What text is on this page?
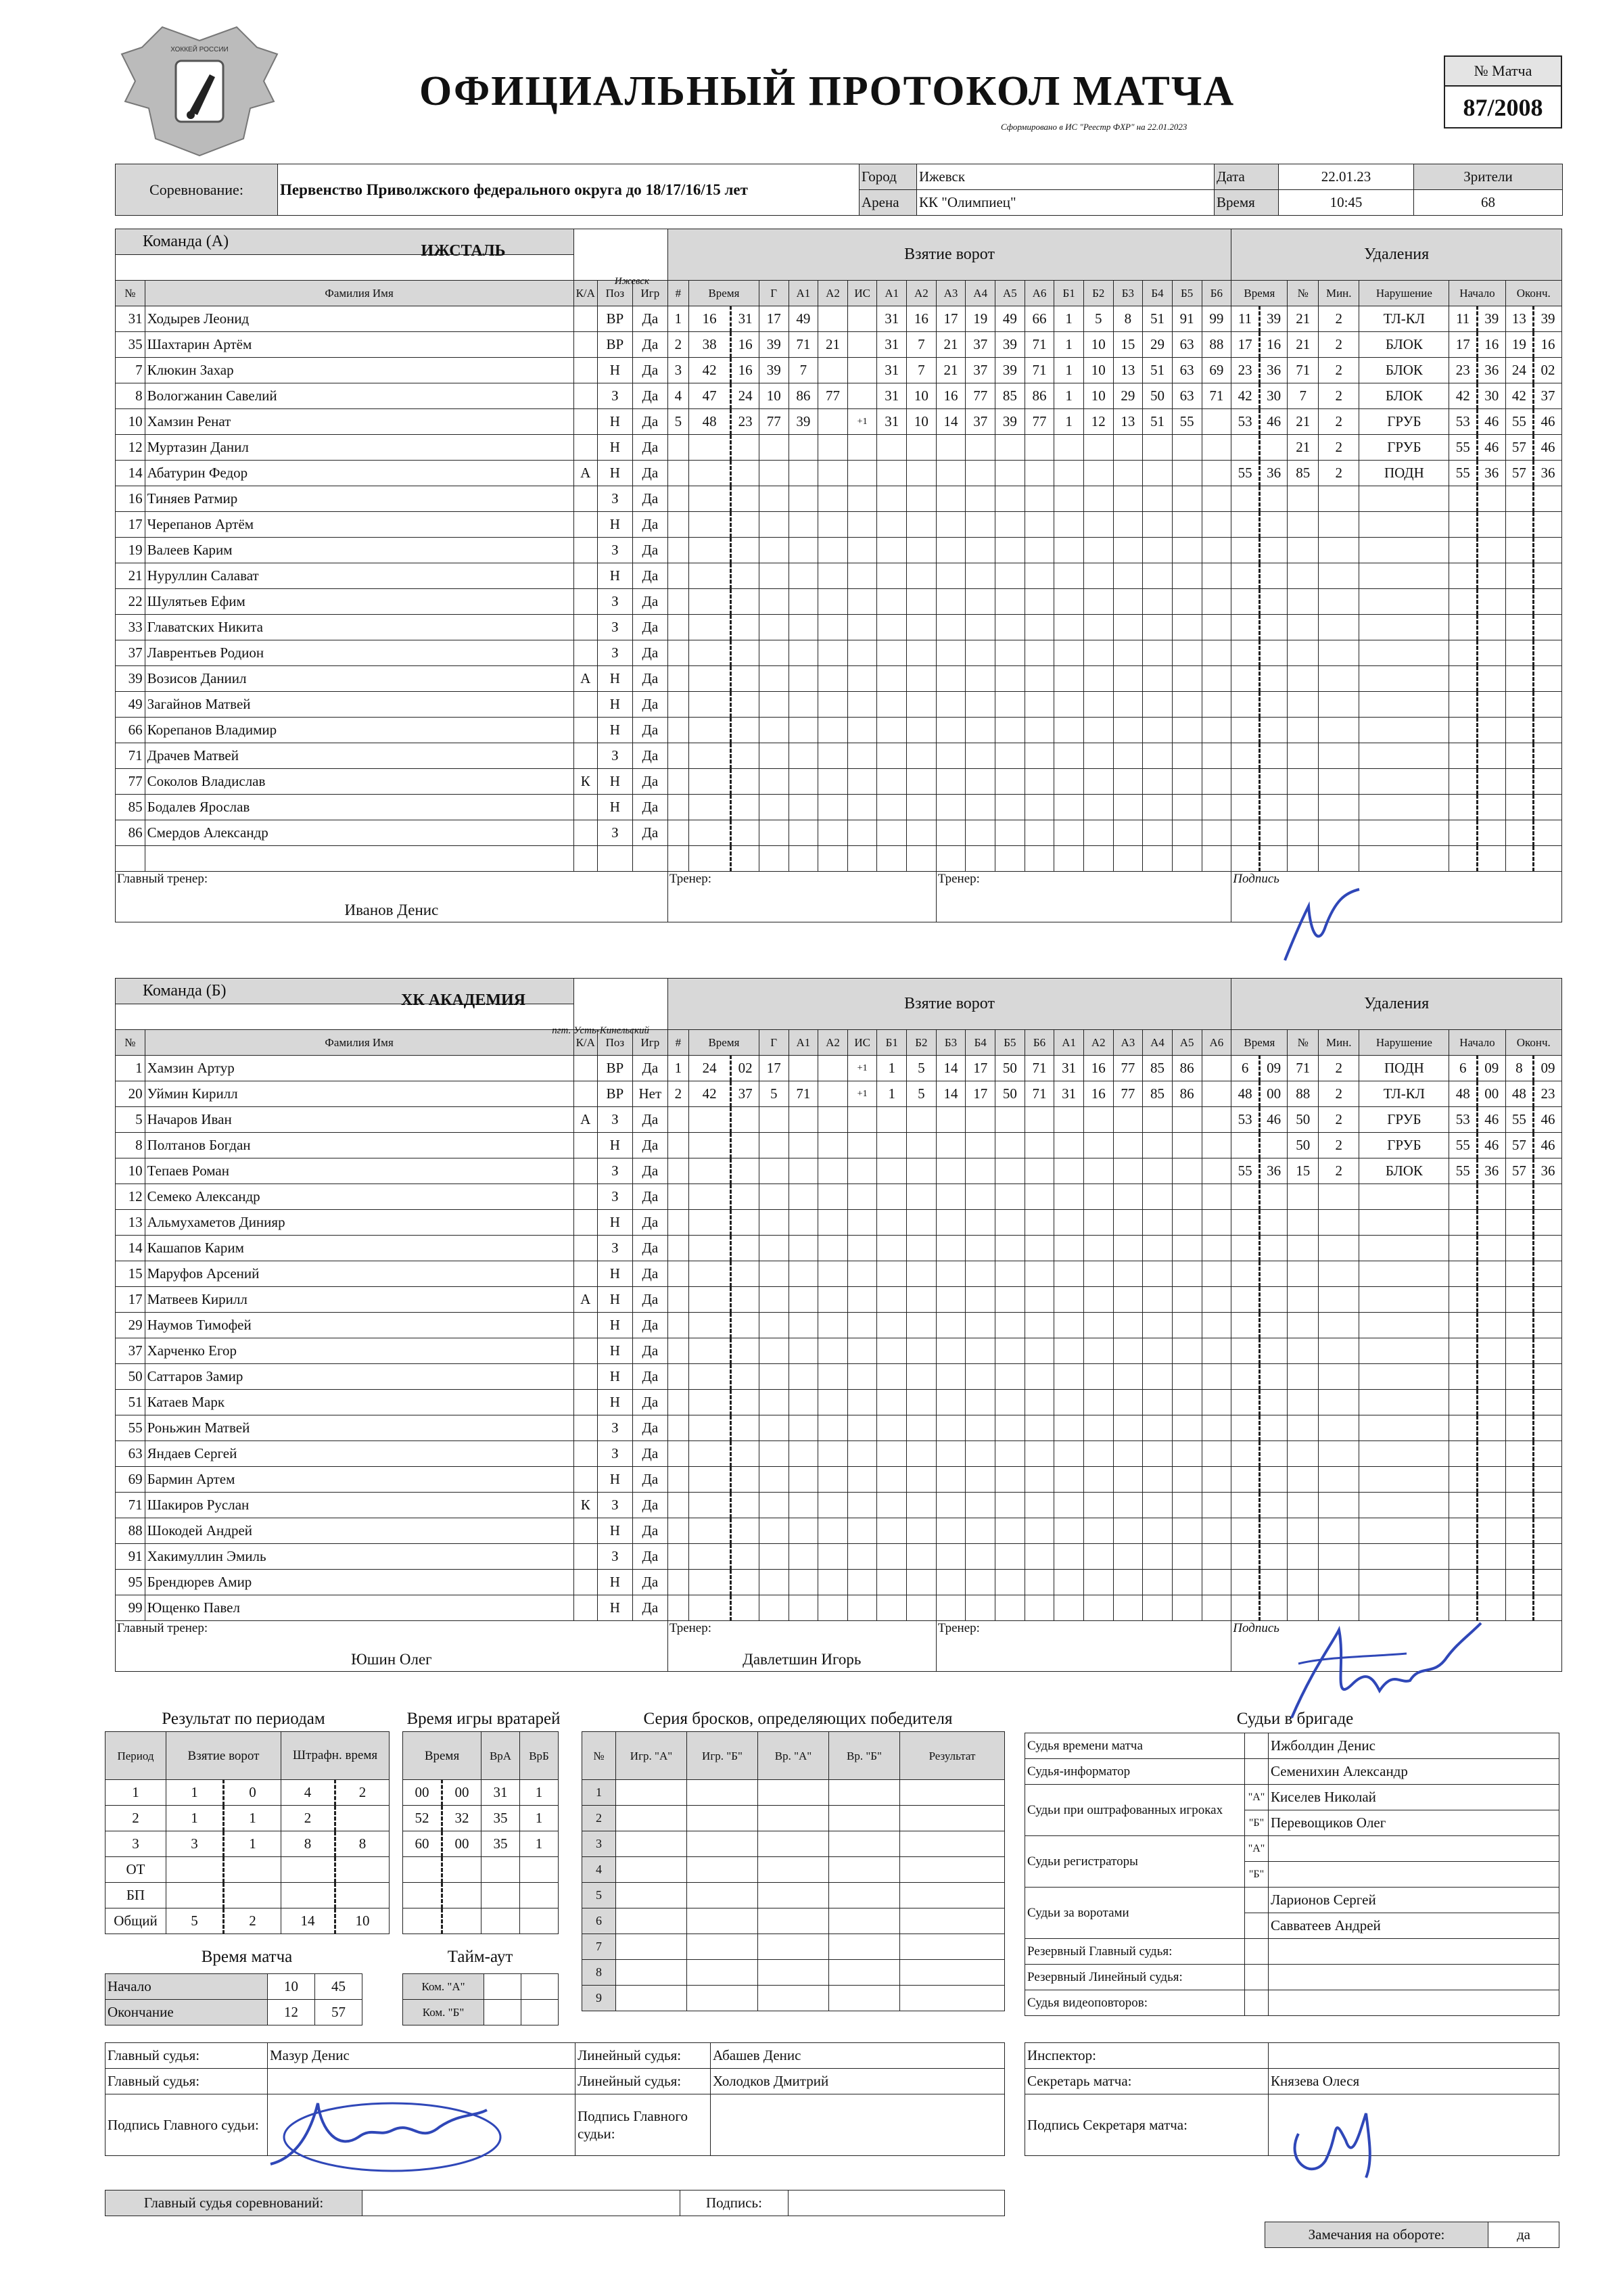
ХОККЕЙ РОССИИ
ОФИЦИАЛЬНЫЙ ПРОТОКОЛ МАТЧА
Сформировано в ИС "Реестр ФХР" на 22.01.2023
№ Матча
87/2008
Соревнование:	Первенство Приволжского федерального округа до 18/17/16/15 лет	Город	Ижевск	Дата	22.01.23	Зрители
		Арена	КК "Олимпиец"	Время	10:45	68
Команда (А)					Взятие ворот																			Удаления								

№	Фамилия Имя	К/А	Поз	Игр	#	Время		Г	А1	А2	ИС	А1	А2	А3	А4	А5	А6	Б1	Б2	Б3	Б4	Б5	Б6	Время		№	Мин.	Нарушение	Начало		Оконч.	
31	Ходырев Леонид		ВР	Да	1	16	31	17	49			31	16	17	19	49	66	1	5	8	51	91	99	11	39	21	2	ТЛ-КЛ	11	39	13	39
35	Шахтарин Артём		ВР	Да	2	38	16	39	71	21		31	7	21	37	39	71	1	10	15	29	63	88	17	16	21	2	БЛОК	17	16	19	16
7	Клюкин Захар		Н	Да	3	42	16	39	7			31	7	21	37	39	71	1	10	13	51	63	69	23	36	71	2	БЛОК	23	36	24	02
8	Вологжанин Савелий		З	Да	4	47	24	10	86	77		31	10	16	77	85	86	1	10	29	50	63	71	42	30	7	2	БЛОК	42	30	42	37
10	Хамзин Ренат		Н	Да	5	48	23	77	39		+1	31	10	14	37	39	77	1	12	13	51	55		53	46	21	2	ГРУБ	53	46	55	46
12	Муртазин Данил		Н	Да																						21	2	ГРУБ	55	46	57	46
14	Абатурин Федор	А	Н	Да																				55	36	85	2	ПОДН	55	36	57	36
16	Тиняев Ратмир		З	Да																												
17	Черепанов Артём		Н	Да																												
19	Валеев Карим		З	Да																												
21	Нуруллин Салават		Н	Да																												
22	Шулятьев Ефим		З	Да																												
33	Главатских Никита		З	Да																												
37	Лаврентьев Родион		З	Да																												
39	Возисов Даниил	А	Н	Да																												
49	Загайнов Матвей		Н	Да																												
66	Корепанов Владимир		Н	Да																												
71	Драчев Матвей		З	Да																												
77	Соколов Владислав	К	Н	Да																												
85	Бодалев Ярослав		Н	Да																												
86	Смердов Александр		З	Да																												

Главный тренер:
Иванов Денис					Тренер:									Тренер:										Подпись								
ИЖСТАЛЬ
Ижевск
Команда (Б)					Взятие ворот																			Удаления								

№	Фамилия Имя	К/А	Поз	Игр	#	Время		Г	А1	А2	ИС	Б1	Б2	Б3	Б4	Б5	Б6	А1	А2	А3	А4	А5	А6	Время		№	Мин.	Нарушение	Начало		Оконч.	
1	Хамзин Артур		ВР	Да	1	24	02	17			+1	1	5	14	17	50	71	31	16	77	85	86		6	09	71	2	ПОДН	6	09	8	09
20	Уймин Кирилл		ВР	Нет	2	42	37	5	71		+1	1	5	14	17	50	71	31	16	77	85	86		48	00	88	2	ТЛ-КЛ	48	00	48	23
5	Начаров Иван	А	З	Да																				53	46	50	2	ГРУБ	53	46	55	46
8	Полтанов Богдан		Н	Да																						50	2	ГРУБ	55	46	57	46
10	Тепаев Роман		З	Да																				55	36	15	2	БЛОК	55	36	57	36
12	Семеко Александр		З	Да																												
13	Альмухаметов Динияр		Н	Да																												
14	Кашапов Карим		З	Да																												
15	Маруфов Арсений		Н	Да																												
17	Матвеев Кирилл	А	Н	Да																												
29	Наумов Тимофей		Н	Да																												
37	Харченко Егор		Н	Да																												
50	Саттаров Замир		Н	Да																												
51	Катаев Марк		Н	Да																												
55	Роньжин Матвей		З	Да																												
63	Яндаев Сергей		З	Да																												
69	Бармин Артем		Н	Да																												
71	Шакиров Руслан	К	З	Да																												
88	Шокодей Андрей		Н	Да																												
91	Хакимуллин Эмиль		З	Да																												
95	Брендюрев Амир		Н	Да																												
99	Ющенко Павел		Н	Да																												

Главный тренер:
Юшин Олег					Тренер:
Давлетшин Игорь									Тренер:										Подпись								
ХК АКАДЕМИЯ
пгт. Усть-Кинельский
Результат по периодам
Период	Взятие ворот		Штрафн. время	
1	1	0	4	2
2	1	1	2	
3	3	1	8	8
ОТ				
БП				
Общий	5	2	14	10
Время игры вратарей
Время		ВрА	ВрБ
00	00	31	1
52	32	35	1
60	00	35	1

Серия бросков, определяющих победителя
№	Игр. "А"	Игр. "Б"	Вр. "А"	Вр. "Б"	Результат
1					
2					
3					
4					
5					
6					
7					
8					
9					
Судьи в бригаде
Судья времени матча		Ижболдин Денис
Судья-информатор		Семенихин Александр
Судьи при оштрафованных игроках	"А"	Киселев Николай
	"Б"	Перевощиков Олег
Судьи регистраторы	"А"	
	"Б"	
Судьи за воротами		Ларионов Сергей
		Савватеев Андрей
Резервный Главный судья:		
Резервный Линейный судья:		
Судья видеоповторов:		
Время матча
Начало	10	45
Окончание	12	57
Тайм-аут
Ком. "А"		
Ком. "Б"		
Главный судья:	Мазур Денис	Линейный судья:	Абашев Денис
Главный судья:		Линейный судья:	Холодков Дмитрий
Подпись Главного судьи:		Подпись Главного судьи:	
Главный судья соревнований:		Подпись:	
Инспектор:	
Секретарь матча:	Князева Олеся
Подпись Секретаря матча:	
Замечания на обороте:	да
